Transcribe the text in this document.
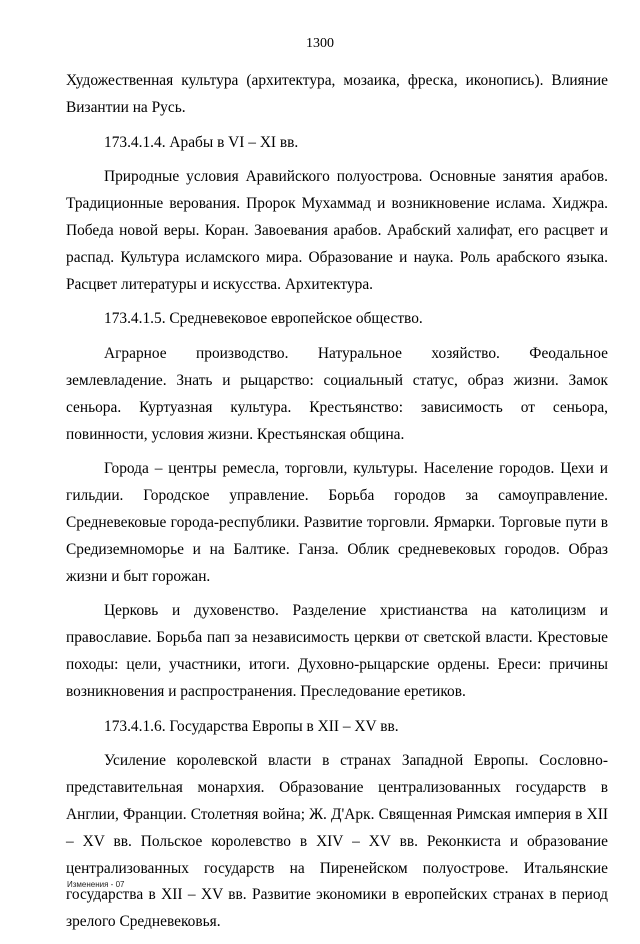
1300

Художественная культура (архитектура, мозаика, фреска, иконопись). Влияние Византии на Русь.

173.4.1.4. Арабы в VI – XI вв.

Природные условия Аравийского полуострова. Основные занятия арабов. Традиционные верования. Пророк Мухаммад и возникновение ислама. Хиджра. Победа новой веры. Коран. Завоевания арабов. Арабский халифат, его расцвет и распад. Культура исламского мира. Образование и наука. Роль арабского языка. Расцвет литературы и искусства. Архитектура.

173.4.1.5. Средневековое европейское общество.

Аграрное производство. Натуральное хозяйство. Феодальное землевладение. Знать и рыцарство: социальный статус, образ жизни. Замок сеньора. Куртуазная культура. Крестьянство: зависимость от сеньора, повинности, условия жизни. Крестьянская община.

Города – центры ремесла, торговли, культуры. Население городов. Цехи и гильдии. Городское управление. Борьба городов за самоуправление. Средневековые города-республики. Развитие торговли. Ярмарки. Торговые пути в Средиземноморье и на Балтике. Ганза. Облик средневековых городов. Образ жизни и быт горожан.

Церковь и духовенство. Разделение христианства на католицизм и православие. Борьба пап за независимость церкви от светской власти. Крестовые походы: цели, участники, итоги. Духовно-рыцарские ордены. Ереси: причины возникновения и распространения. Преследование еретиков.

173.4.1.6. Государства Европы в XII – XV вв.

Усиление королевской власти в странах Западной Европы. Сословно-представительная монархия. Образование централизованных государств в Англии, Франции. Столетняя война; Ж. Д'Арк. Священная Римская империя в XII – XV вв. Польское королевство в XIV – XV вв. Реконкиста и образование централизованных государств на Пиренейском полуострове. Итальянские государства в XII – XV вв. Развитие экономики в европейских странах в период зрелого Средневековья.

Изменения - 07
